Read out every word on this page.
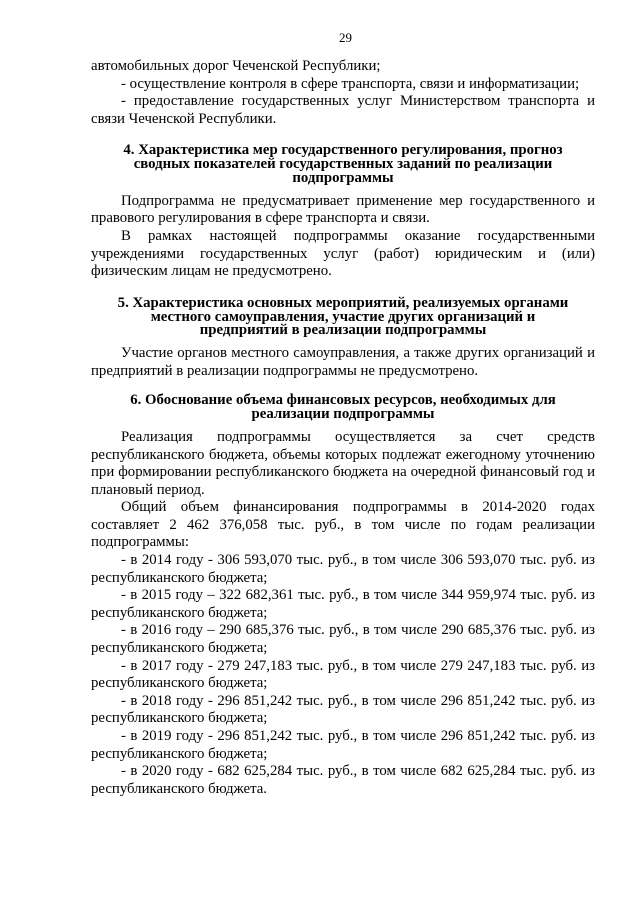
29

автомобильных дорог Чеченской Республики;

- осуществление контроля в сфере транспорта, связи и информатизации;

- предоставление государственных услуг Министерством транспорта и связи Чеченской Республики.

4. Характеристика мер государственного регулирования, прогноз сводных показателей государственных заданий по реализации подпрограммы

Подпрограмма не предусматривает применение мер государственного и правового регулирования в сфере транспорта и связи.

В рамках настоящей подпрограммы оказание государственными учреждениями государственных услуг (работ) юридическим и (или) физическим лицам не предусмотрено.

5. Характеристика основных мероприятий, реализуемых органами местного самоуправления, участие других организаций и предприятий в реализации подпрограммы

Участие органов местного самоуправления, а также других организаций и предприятий в реализации подпрограммы не предусмотрено.

6. Обоснование объема финансовых ресурсов, необходимых для реализации подпрограммы

Реализация подпрограммы осуществляется за счет средств республиканского бюджета, объемы которых подлежат ежегодному уточнению при формировании республиканского бюджета на очередной финансовый год и плановый период.

Общий объем финансирования подпрограммы в 2014-2020 годах составляет 2 462 376,058 тыс. руб., в том числе по годам реализации подпрограммы:

- в 2014 году - 306 593,070 тыс. руб., в том числе 306 593,070 тыс. руб. из республиканского бюджета;

- в 2015 году – 322 682,361 тыс. руб., в том числе 344 959,974 тыс. руб. из республиканского бюджета;

- в 2016 году – 290 685,376 тыс. руб., в том числе 290 685,376 тыс. руб. из республиканского бюджета;

- в 2017 году - 279 247,183 тыс. руб., в том числе 279 247,183 тыс. руб. из республиканского бюджета;

- в 2018 году - 296 851,242 тыс. руб., в том числе 296 851,242 тыс. руб. из республиканского бюджета;

- в 2019 году - 296 851,242 тыс. руб., в том числе 296 851,242 тыс. руб. из республиканского бюджета;

- в 2020 году - 682 625,284 тыс. руб., в том числе 682 625,284 тыс. руб. из республиканского бюджета.
